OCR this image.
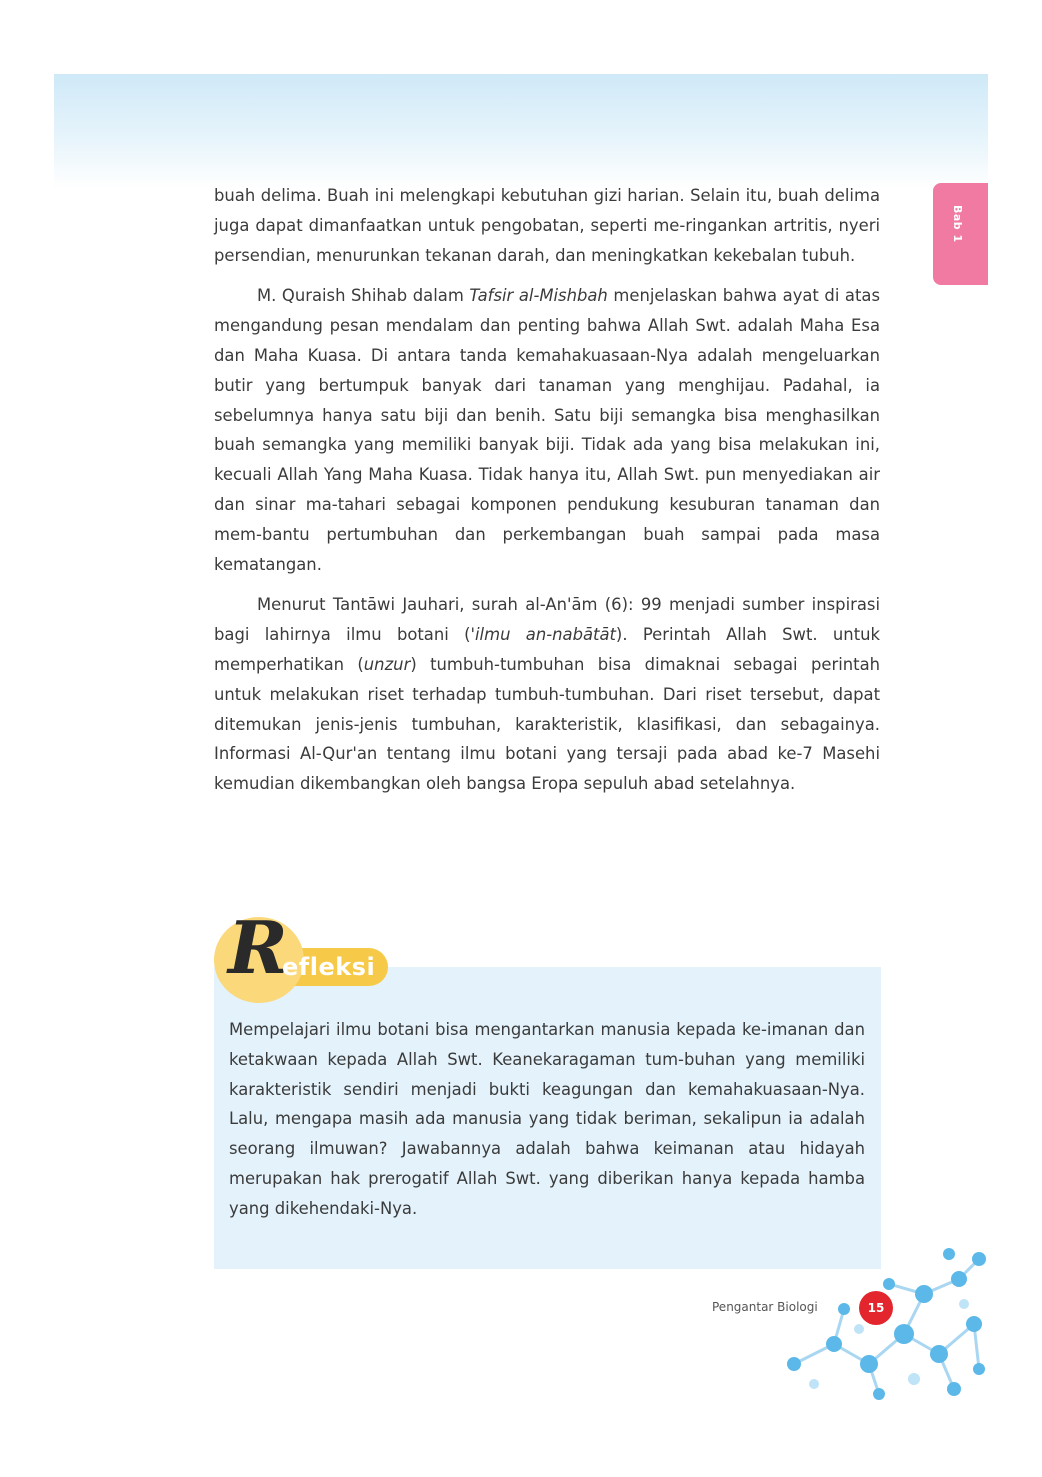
Bab 1

buah delima. Buah ini melengkapi kebutuhan gizi harian. Selain itu, buah delima juga dapat dimanfaatkan untuk pengobatan, seperti me-ringankan artritis, nyeri persendian, menurunkan tekanan darah, dan meningkatkan kekebalan tubuh.

M. Quraish Shihab dalam Tafsir al-Mishbah menjelaskan bahwa ayat di atas mengandung pesan mendalam dan penting bahwa Allah Swt. adalah Maha Esa dan Maha Kuasa. Di antara tanda kemahakuasaan-Nya adalah mengeluarkan butir yang bertumpuk banyak dari tanaman yang menghijau. Padahal, ia sebelumnya hanya satu biji dan benih. Satu biji semangka bisa menghasilkan buah semangka yang memiliki banyak biji. Tidak ada yang bisa melakukan ini, kecuali Allah Yang Maha Kuasa. Tidak hanya itu, Allah Swt. pun menyediakan air dan sinar ma-tahari sebagai komponen pendukung kesuburan tanaman dan mem-bantu pertumbuhan dan perkembangan buah sampai pada masa kematangan.

Menurut Tantāwi Jauhari, surah al-An'ām (6): 99 menjadi sumber inspirasi bagi lahirnya ilmu botani ('ilmu an-nabātāt). Perintah Allah Swt. untuk memperhatikan (unzur) tumbuh-tumbuhan bisa dimaknai sebagai perintah untuk melakukan riset terhadap tumbuh-tumbuhan. Dari riset tersebut, dapat ditemukan jenis-jenis tumbuhan, karakteristik, klasifikasi, dan sebagainya. Informasi Al-Qur'an tentang ilmu botani yang tersaji pada abad ke-7 Masehi kemudian dikembangkan oleh bangsa Eropa sepuluh abad setelahnya.

Mempelajari ilmu botani bisa mengantarkan manusia kepada ke-imanan dan ketakwaan kepada Allah Swt. Keanekaragaman tum-buhan yang memiliki karakteristik sendiri menjadi bukti keagungan dan kemahakuasaan-Nya. Lalu, mengapa masih ada manusia yang tidak beriman, sekalipun ia adalah seorang ilmuwan? Jawabannya adalah bahwa keimanan atau hidayah merupakan hak prerogatif Allah Swt. yang diberikan hanya kepada hamba yang dikehendaki-Nya.
R
efleksi
Pengantar Biologi	15
